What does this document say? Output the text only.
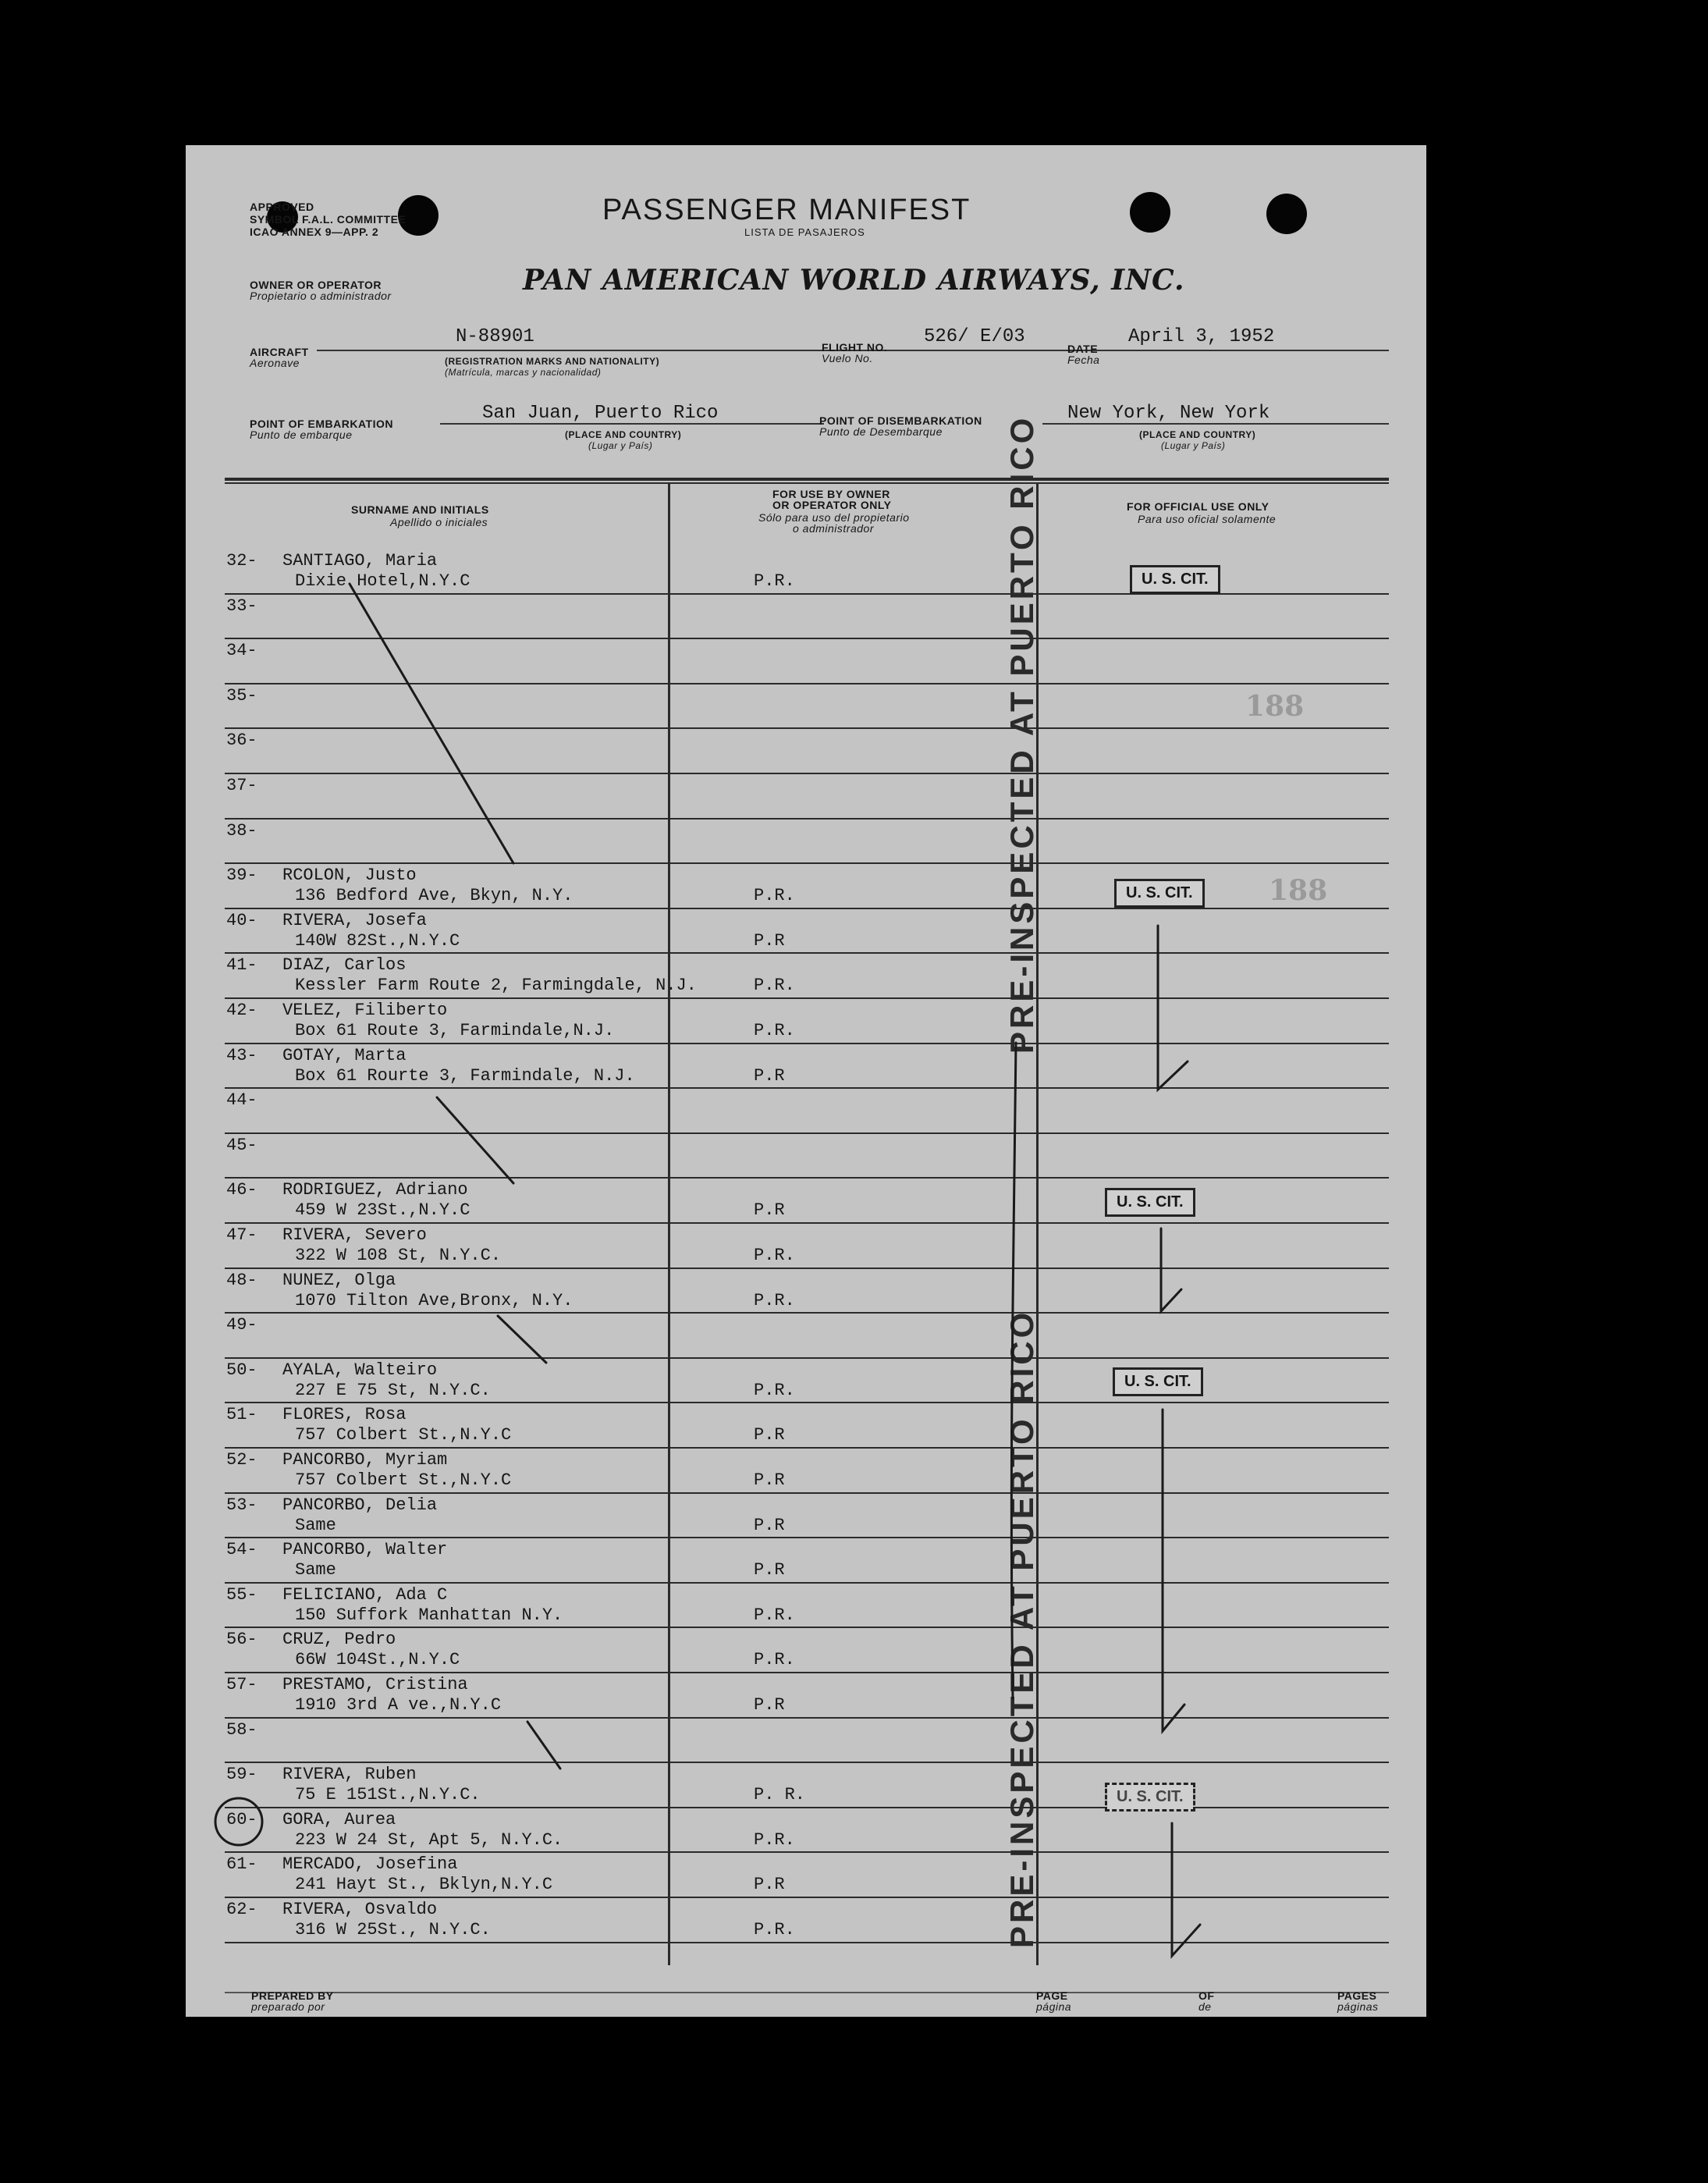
APPROVED
SYMBOL F.A.L. COMMITTEE
ICAO ANNEX 9—APP. 2
PASSENGER MANIFEST
LISTA DE PASAJEROS
OWNER OR OPERATOR
Propietario o administrador	PAN AMERICAN WORLD AIRWAYS, INC.
AIRCRAFT
Aeronave
N-88901
(REGISTRATION MARKS AND NATIONALITY)
(Matrícula, marcas y nacionalidad)
FLIGHT NO.
Vuelo No.
526/ E/03
DATE
Fecha
April 3, 1952
POINT OF EMBARKATION
Punto de embarque
San Juan, Puerto Rico
(PLACE AND COUNTRY)
(Lugar y País)
POINT OF DISEMBARKATION
Punto de Desembarque
New York, New York
(PLACE AND COUNTRY)
(Lugar y País)
SURNAME AND INITIALS
Apellido o iniciales
FOR USE BY OWNER
OR OPERATOR ONLY
Sólo para uso del propietario
o administrador
FOR OFFICIAL USE ONLY
Para uso oficial solamente
32- SANTIAGO, Maria
Dixie Hotel,N.Y.C	P.R.
33-
34-
35-
36-
37-
38-
39- RCOLON, Justo
136 Bedford Ave, Bkyn, N.Y.	P.R.
40- RIVERA, Josefa
140W 82St.,N.Y.C	P.R
41- DIAZ, Carlos
Kessler Farm Route 2, Farmingdale, N.J.	P.R.
42- VELEZ, Filiberto
Box 61 Route 3, Farmindale,N.J.	P.R.
43- GOTAY, Marta
Box 61 Rourte 3, Farmindale, N.J.	P.R
44-
45-
46- RODRIGUEZ, Adriano
459 W 23St.,N.Y.C	P.R
47- RIVERA, Severo
322 W 108 St, N.Y.C.	P.R.
48- NUNEZ, Olga
1070 Tilton Ave,Bronx, N.Y.	P.R.
49-
50- AYALA, Walteiro
227 E 75 St, N.Y.C.	P.R.
51- FLORES, Rosa
757 Colbert St.,N.Y.C	P.R
52- PANCORBO, Myriam
757 Colbert St.,N.Y.C	P.R
53- PANCORBO, Delia
Same	P.R
54- PANCORBO, Walter
Same	P.R
55- FELICIANO, Ada C
150 Suffork Manhattan N.Y.	P.R.
56- CRUZ, Pedro
66W 104St.,N.Y.C	P.R.
57- PRESTAMO, Cristina
1910 3rd A ve.,N.Y.C	P.R
58-
59- RIVERA, Ruben
75 E 151St.,N.Y.C.	P. R.
60- GORA, Aurea
223 W 24 St, Apt 5, N.Y.C.	P.R.
61- MERCADO, Josefina
241 Hayt St., Bklyn,N.Y.C	P.R
62- RIVERA, Osvaldo
316 W 25St., N.Y.C.	P.R.
U. S. CIT.
U. S. CIT.
U. S. CIT.
U. S. CIT.
U. S. CIT.
188
188
PRE-INSPECTED AT PUERTO RICO
PRE-INSPECTED AT PUERTO RICO
PREPARED BY
preparado por
PAGE
página
OF
de
PAGES
páginas
